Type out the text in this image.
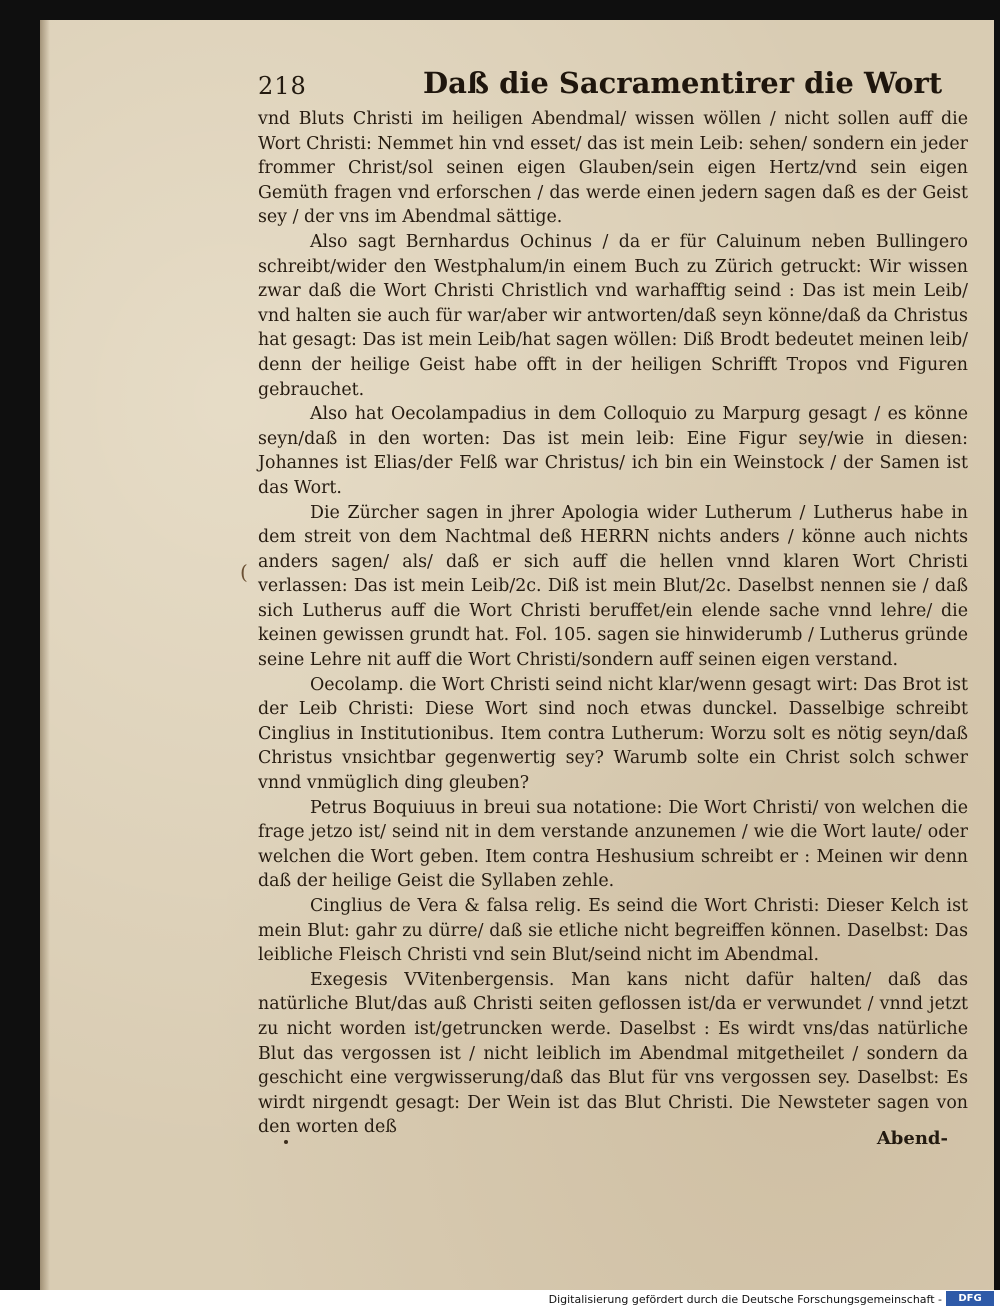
218	Daß die Sacramentirer die Wort
(

vnd Bluts Christi im heiligen Abendmal/ wissen wöllen / nicht sollen auff die Wort Christi: Nemmet hin vnd esset/ das ist mein Leib: sehen/ sondern ein jeder frommer Christ/sol seinen eigen Glauben/sein eigen Hertz/vnd sein eigen Gemüth fragen vnd erforschen / das werde einen jedern sagen daß es der Geist sey / der vns im Abendmal sättige.

Also sagt Bernhardus Ochinus / da er für Caluinum neben Bullingero schreibt/wider den Westphalum/in einem Buch zu Zürich getruckt: Wir wissen zwar daß die Wort Christi Christlich vnd warhafftig seind : Das ist mein Leib/ vnd halten sie auch für war/aber wir antworten/daß seyn könne/daß da Christus hat gesagt: Das ist mein Leib/hat sagen wöllen: Diß Brodt bedeutet meinen leib/ denn der heilige Geist habe offt in der heiligen Schrifft Tropos vnd Figuren gebrauchet.

Also hat Oecolampadius in dem Colloquio zu Marpurg gesagt / es könne seyn/daß in den worten: Das ist mein leib: Eine Figur sey/wie in diesen: Johannes ist Elias/der Felß war Christus/ ich bin ein Weinstock / der Samen ist das Wort.

Die Zürcher sagen in jhrer Apologia wider Lutherum / Lutherus habe in dem streit von dem Nachtmal deß HERRN nichts anders / könne auch nichts anders sagen/ als/ daß er sich auff die hellen vnnd klaren Wort Christi verlassen: Das ist mein Leib/2c. Diß ist mein Blut/2c. Daselbst nennen sie / daß sich Lutherus auff die Wort Christi beruffet/ein elende sache vnnd lehre/ die keinen gewissen grundt hat. Fol. 105. sagen sie hinwiderumb / Lutherus gründe seine Lehre nit auff die Wort Christi/sondern auff seinen eigen verstand.

Oecolamp. die Wort Christi seind nicht klar/wenn gesagt wirt: Das Brot ist der Leib Christi: Diese Wort sind noch etwas dunckel. Dasselbige schreibt Cinglius in Institutionibus. Item contra Lutherum: Worzu solt es nötig seyn/daß Christus vnsichtbar gegenwertig sey? Warumb solte ein Christ solch schwer vnnd vnmüglich ding gleuben?

Petrus Boquiuus in breui sua notatione: Die Wort Christi/ von welchen die frage jetzo ist/ seind nit in dem verstande anzunemen / wie die Wort laute/ oder welchen die Wort geben. Item contra Heshusium schreibt er : Meinen wir denn daß der heilige Geist die Syllaben zehle.

Cinglius de Vera & falsa relig. Es seind die Wort Christi: Dieser Kelch ist mein Blut: gahr zu dürre/ daß sie etliche nicht begreiffen können. Daselbst: Das leibliche Fleisch Christi vnd sein Blut/seind nicht im Abendmal.

Exegesis VVitenbergensis. Man kans nicht dafür halten/ daß das natürliche Blut/das auß Christi seiten geflossen ist/da er verwundet / vnnd jetzt zu nicht worden ist/getruncken werde. Daselbst : Es wirdt vns/das natürliche Blut das vergossen ist / nicht leiblich im Abendmal mitgetheilet / sondern da geschicht eine vergwisserung/daß das Blut für vns vergossen sey. Daselbst: Es wirdt nirgendt gesagt: Der Wein ist das Blut Christi. Die Newsteter sagen von den worten deß

Abend-
Digitalisierung gefördert durch die Deutsche Forschungsgemeinschaft -	DFG
